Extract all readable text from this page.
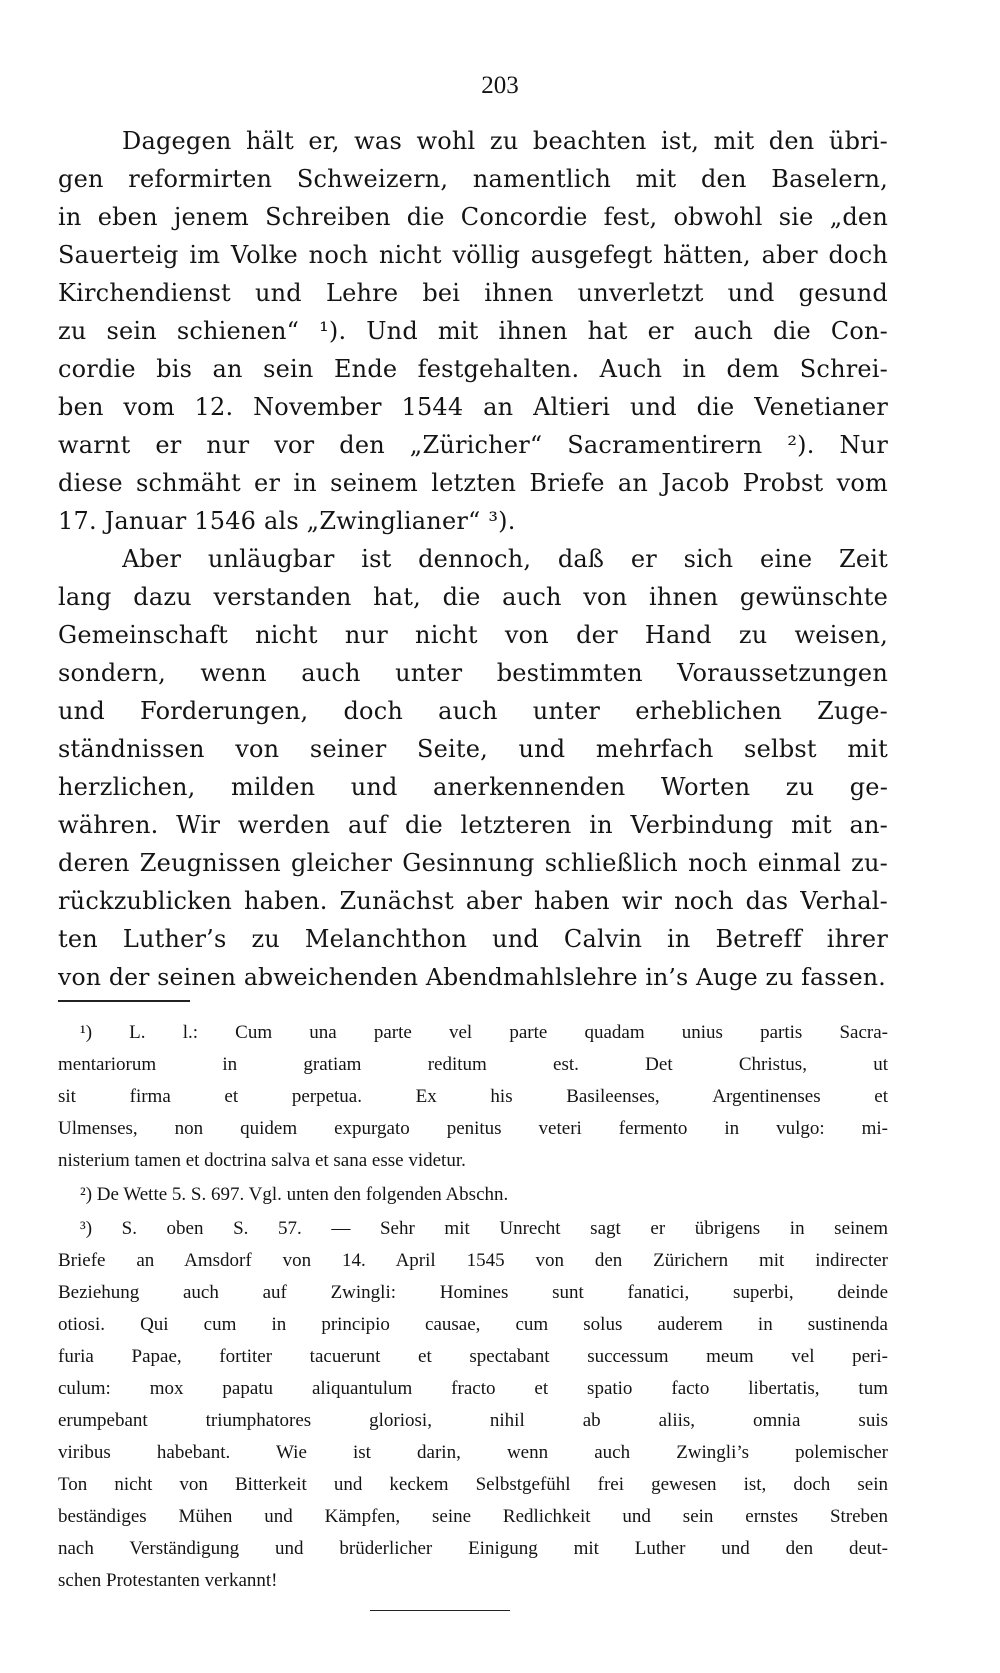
203
Dagegen hält er, was wohl zu beachten ist, mit den übri-
gen reformirten Schweizern, namentlich mit den Baselern,
in eben jenem Schreiben die Concordie fest, obwohl sie „den
Sauerteig im Volke noch nicht völlig ausgefegt hätten, aber doch
Kirchendienst und Lehre bei ihnen unverletzt und gesund
zu sein schienen“ ¹). Und mit ihnen hat er auch die Con-
cordie bis an sein Ende festgehalten. Auch in dem Schrei-
ben vom 12. November 1544 an Altieri und die Venetianer
warnt er nur vor den „Züricher“ Sacramentirern ²). Nur
diese schmäht er in seinem letzten Briefe an Jacob Probst vom
17. Januar 1546 als „Zwinglianer“ ³).
Aber unläugbar ist dennoch, daß er sich eine Zeit
lang dazu verstanden hat, die auch von ihnen gewünschte
Gemeinschaft nicht nur nicht von der Hand zu weisen,
sondern, wenn auch unter bestimmten Voraussetzungen
und Forderungen, doch auch unter erheblichen Zuge-
ständnissen von seiner Seite, und mehrfach selbst mit
herzlichen, milden und anerkennenden Worten zu ge-
währen. Wir werden auf die letzteren in Verbindung mit an-
deren Zeugnissen gleicher Gesinnung schließlich noch einmal zu-
rückzublicken haben. Zunächst aber haben wir noch das Verhal-
ten Luther’s zu Melanchthon und Calvin in Betreff ihrer
von der seinen abweichenden Abendmahlslehre in’s Auge zu fassen.
¹) L. l.: Cum una parte vel parte quadam unius partis Sacra-
mentariorum in gratiam reditum est. Det Christus, ut
sit firma et perpetua. Ex his Basileenses, Argentinenses et
Ulmenses, non quidem expurgato penitus veteri fermento in vulgo: mi-
nisterium tamen et doctrina salva et sana esse videtur.
²) De Wette 5. S. 697. Vgl. unten den folgenden Abschn.
³) S. oben S. 57. — Sehr mit Unrecht sagt er übrigens in seinem
Briefe an Amsdorf von 14. April 1545 von den Zürichern mit indirecter
Beziehung auch auf Zwingli: Homines sunt fanatici, superbi, deinde
otiosi. Qui cum in principio causae, cum solus auderem in sustinenda
furia Papae, fortiter tacuerunt et spectabant successum meum vel peri-
culum: mox papatu aliquantulum fracto et spatio facto libertatis, tum
erumpebant triumphatores gloriosi, nihil ab aliis, omnia suis
viribus habebant. Wie ist darin, wenn auch Zwingli’s polemischer
Ton nicht von Bitterkeit und keckem Selbstgefühl frei gewesen ist, doch sein
beständiges Mühen und Kämpfen, seine Redlichkeit und sein ernstes Streben
nach Verständigung und brüderlicher Einigung mit Luther und den deut-
schen Protestanten verkannt!
